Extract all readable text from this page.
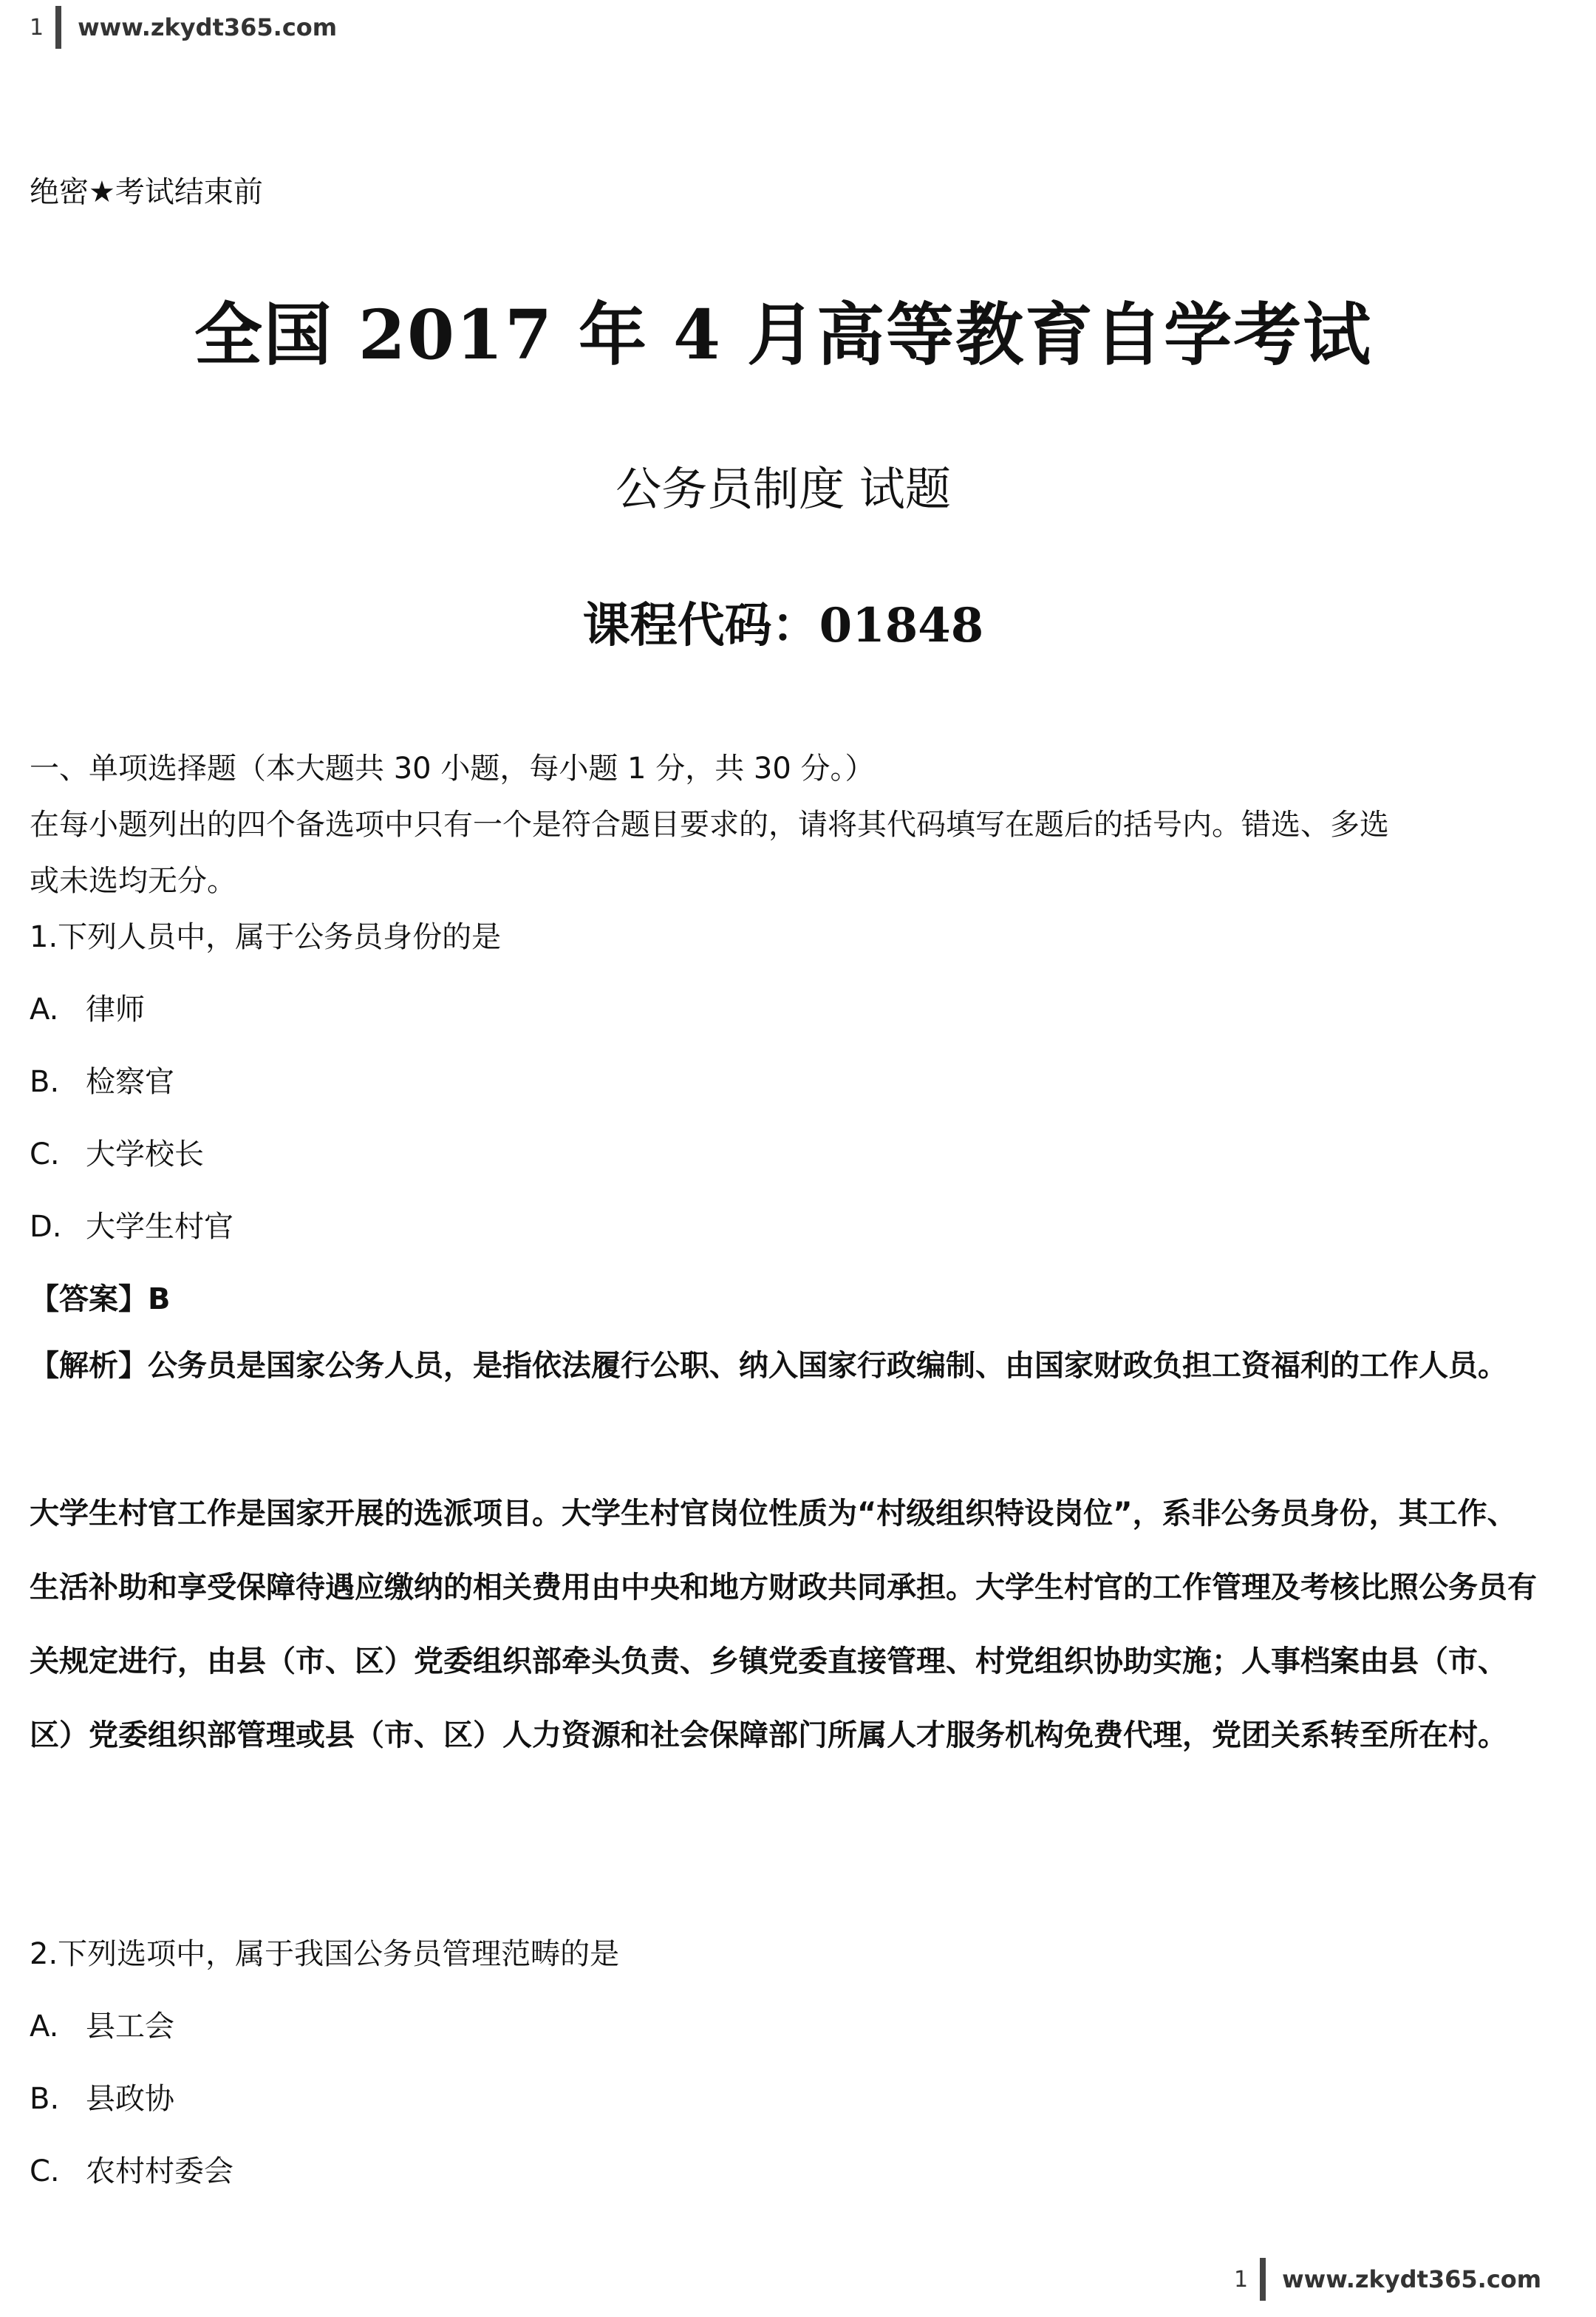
1 www.zkydt365.com
绝密★考试结束前
全国 2017 年 4 月高等教育自学考试
公务员制度 试题
课程代码：01848
一、单项选择题（本大题共 30 小题，每小题 1 分，共 30 分。）
在每小题列出的四个备选项中只有一个是符合题目要求的，请将其代码填写在题后的括号内。错选、多选
或未选均无分。
1.下列人员中，属于公务员身份的是
A. 律师
B. 检察官
C. 大学校长
D. 大学生村官
【答案】B
【解析】公务员是国家公务人员，是指依法履行公职、纳入国家行政编制、由国家财政负担工资福利的工作人员。
大学生村官工作是国家开展的选派项目。大学生村官岗位性质为“村级组织特设岗位”，系非公务员身份，其工作、生活补助和享受保障待遇应缴纳的相关费用由中央和地方财政共同承担。大学生村官的工作管理及考核比照公务员有关规定进行，由县（市、区）党委组织部牵头负责、乡镇党委直接管理、村党组织协助实施；人事档案由县（市、区）党委组织部管理或县（市、区）人力资源和社会保障部门所属人才服务机构免费代理，党团关系转至所在村。
2.下列选项中，属于我国公务员管理范畴的是
A. 县工会
B. 县政协
C. 农村村委会
1 www.zkydt365.com
